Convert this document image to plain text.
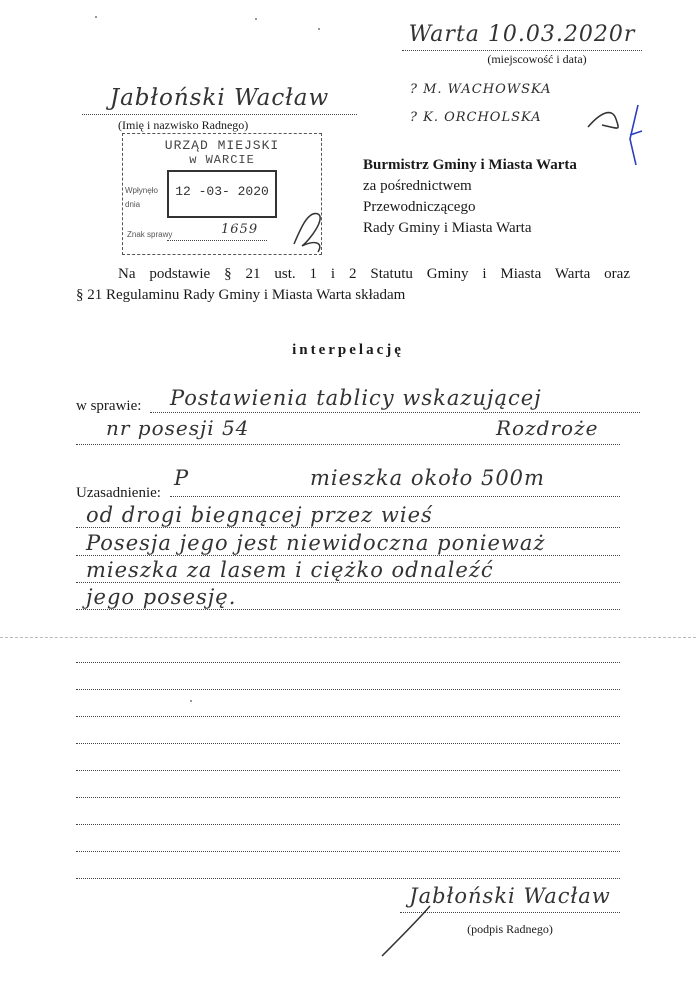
Warta 10.03.2020r
(miejscowość i data)
Jabłoński Wacław
(Imię i nazwisko Radnego)
? M. WACHOWSKA
? K. ORCHOLSKA
URZĄD MIEJSKI
w WARCIE
Wpłynęło dnia
12 -03- 2020
Znak sprawy	1659
Burmistrz Gminy i Miasta Warta
za pośrednictwem
Przewodniczącego
Rady Gminy i Miasta Warta
Na podstawie § 21 ust. 1 i 2 Statutu Gminy i Miasta Warta oraz
§ 21 Regulaminu Rady Gminy i Miasta Warta składam
interpelację
w sprawie:	Postawienia tablicy wskazującej
nr posesji 54	Rozdroże
Uzasadnienie:
P	mieszka około 500m
od drogi biegnącej przez wieś
Posesja jego jest niewidoczna ponieważ
mieszka za lasem i ciężko odnaleźć
jego posesję.
Jabłoński Wacław
(podpis Radnego)
